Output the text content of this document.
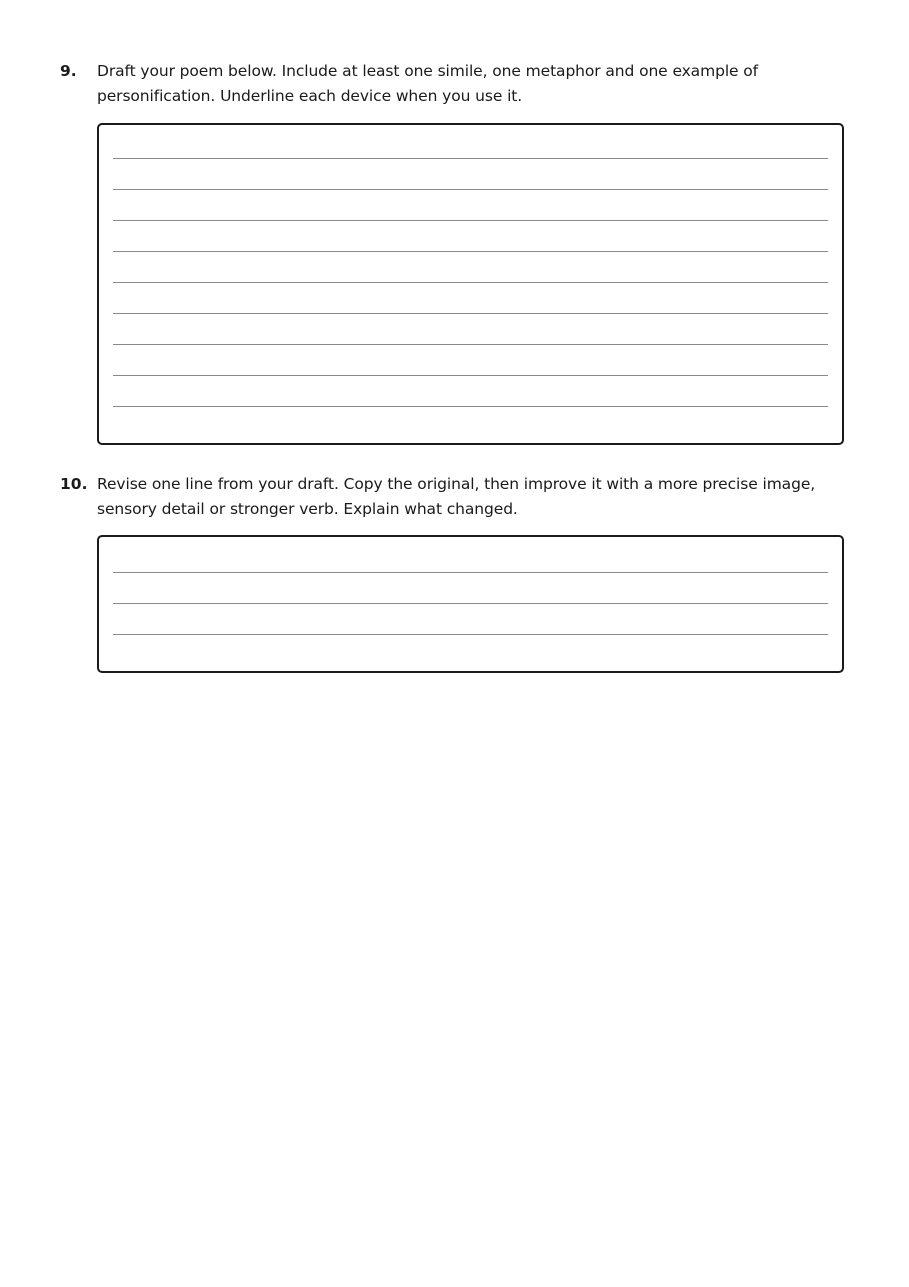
9.	Draft your poem below. Include at least one simile, one metaphor and one example of
personification. Underline each device when you use it.
10. Revise one line from your draft. Copy the original, then improve it with a more precise image,
sensory detail or stronger verb. Explain what changed.
